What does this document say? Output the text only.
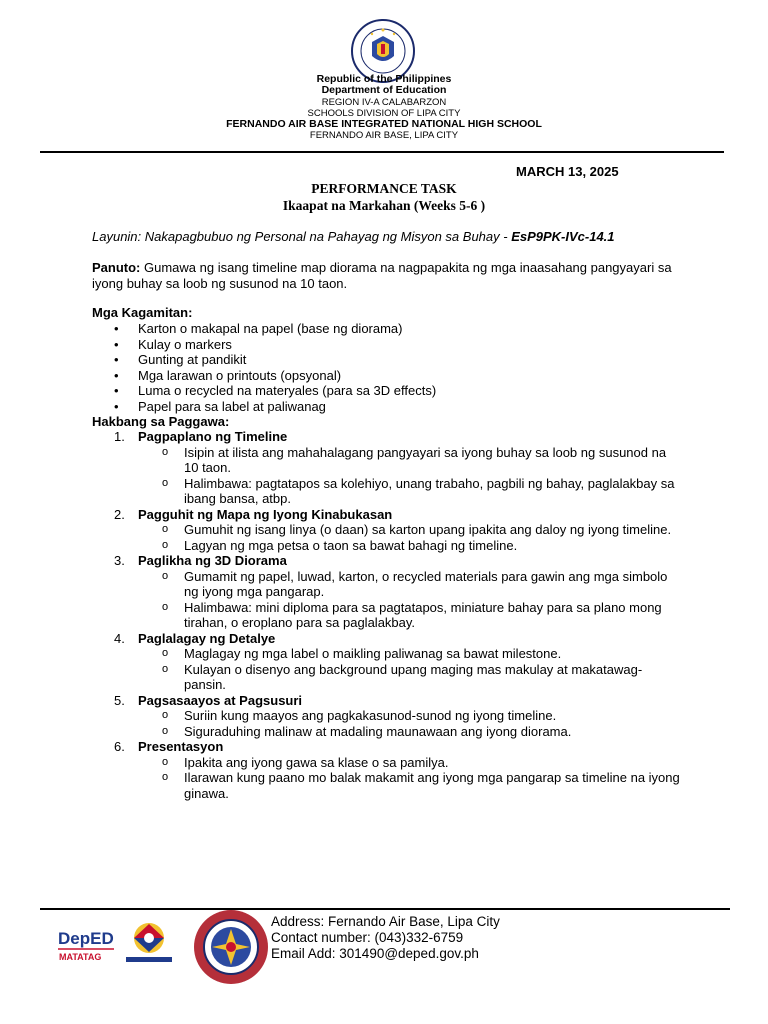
Republic of the Philippines
Department of Education
REGION IV-A CALABARZON
SCHOOLS DIVISION OF LIPA CITY
FERNANDO AIR BASE INTEGRATED NATIONAL HIGH SCHOOL
FERNANDO AIR BASE, LIPA CITY
MARCH 13, 2025
PERFORMANCE TASK
Ikaapat na Markahan (Weeks 5-6 )
Layunin: Nakapagbubuo ng Personal na Pahayag ng Misyon sa Buhay - EsP9PK-IVc-14.1
Panuto: Gumawa ng isang timeline map diorama na nagpapakita ng mga inaasahang pangyayari sa iyong buhay sa loob ng susunod na 10 taon.
Mga Kagamitan:
• Karton o makapal na papel (base ng diorama)
• Kulay o markers
• Gunting at pandikit
• Mga larawan o printouts (opsyonal)
• Luma o recycled na materyales (para sa 3D effects)
• Papel para sa label at paliwanag
Hakbang sa Paggawa:
1. Pagpaplano ng Timeline
o Isipin at ilista ang mahahalagang pangyayari sa iyong buhay sa loob ng susunod na 10 taon.
o Halimbawa: pagtatapos sa kolehiyo, unang trabaho, pagbili ng bahay, paglalakbay sa ibang bansa, atbp.
2. Pagguhit ng Mapa ng Iyong Kinabukasan
o Gumuhit ng isang linya (o daan) sa karton upang ipakita ang daloy ng iyong timeline.
o Lagyan ng mga petsa o taon sa bawat bahagi ng timeline.
3. Paglikha ng 3D Diorama
o Gumamit ng papel, luwad, karton, o recycled materials para gawin ang mga simbolo ng iyong mga pangarap.
o Halimbawa: mini diploma para sa pagtatapos, miniature bahay para sa plano mong tirahan, o eroplano para sa paglalakbay.
4. Paglalagay ng Detalye
o Maglagay ng mga label o maikling paliwanag sa bawat milestone.
o Kulayan o disenyo ang background upang maging mas makulay at makatawag-pansin.
5. Pagsasaayos at Pagsusuri
o Suriin kung maayos ang pagkakasunod-sunod ng iyong timeline.
o Siguraduhing malinaw at madaling maunawaan ang iyong diorama.
6. Presentasyon
o Ipakita ang iyong gawa sa klase o sa pamilya.
o Ilarawan kung paano mo balak makamit ang iyong mga pangarap sa timeline na iyong ginawa.
DepED
MATATAG
Address: Fernando Air Base, Lipa City
Contact number: (043)332-6759
Email Add: 301490@deped.gov.ph
